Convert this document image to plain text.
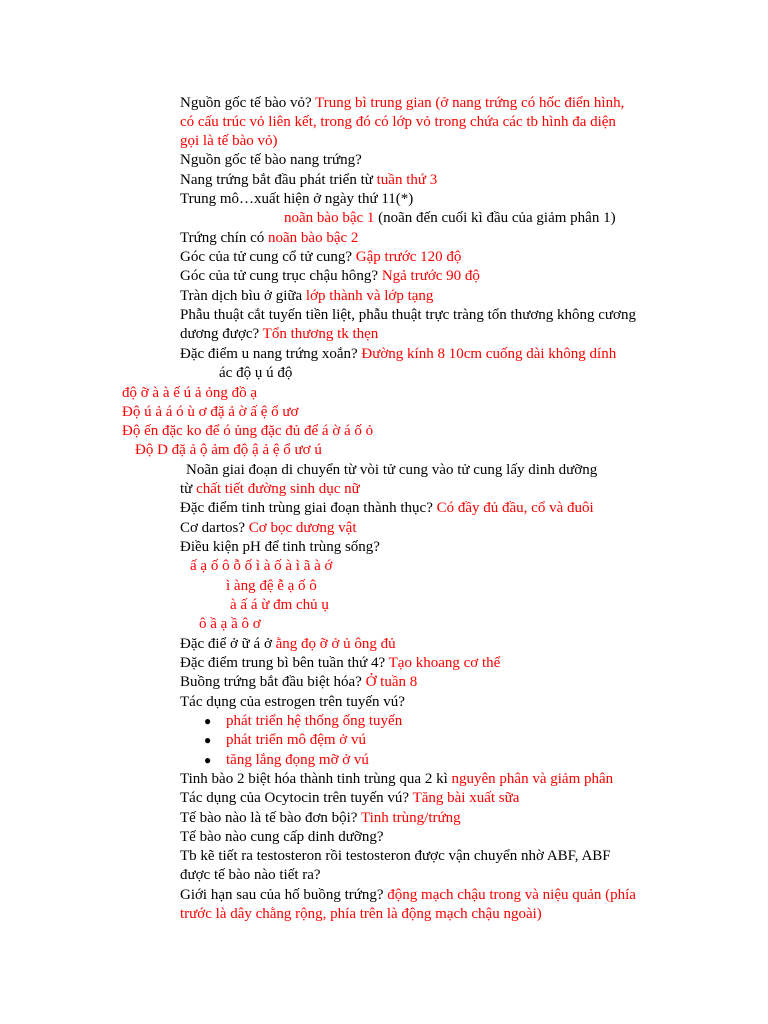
Nguồn gốc tế bào vỏ? Trung bì trung gian (ở nang trứng có hốc điển hình,
có cấu trúc vỏ liên kết, trong đó có lớp vỏ trong chứa các tb hình đa diện
gọi là tế bào vỏ)
Nguồn gốc tế bào nang trứng?
Nang trứng bắt đầu phát triển từ tuần thứ 3
Trung mô…xuất hiện ở ngày thứ 11(*)
noãn bào bậc 1 (noãn đến cuối kì đầu của giảm phân 1)
Trứng chín có noãn bào bậc 2
Góc của tử cung cổ tử cung? Gập trước 120 độ
Góc của tử cung trục chậu hông? Ngả trước 90 độ
Tràn dịch bìu ở giữa lớp thành và lớp tạng
Phẫu thuật cắt tuyến tiền liệt, phẫu thuật trực tràng tổn thương không cương
dương được? Tổn thương tk thẹn
Đặc điểm u nang trứng xoắn? Đường kính 8 10cm cuống dài không dính
ác độ ụ ú độ
độ ỡ à à ế ú ả ỏng đồ ạ
Độ ú ả á ó ù ơ đặ ả ờ ấ ệ ổ ươ
Độ ến đặc ko để ó ủng đặc đủ để á ờ á ố ỏ
Độ D đặ ả ộ ảm độ ậ ả ệ ổ ươ ú
Noãn giai đoạn di chuyển từ vòi tử cung vào tử cung lấy dinh dưỡng
từ chất tiết đường sinh dục nữ
Đặc điểm tinh trùng giai đoạn thành thục? Có đầy đủ đầu, cổ và đuôi
Cơ dartos? Cơ bọc dương vật
Điều kiện pH để tinh trùng sống?
ấ ạ ố ô ỗ ố ì à ố à ì ã à ớ
ì àng đệ ễ ạ ố ô
à ấ á ừ đm chủ ụ
ô ầ ạ ầ ô ơ
Đặc điể ở ữ á ở ằng đọ ỡ ở ủ ông đủ
Đặc điểm trung bì bên tuần thứ 4? Tạo khoang cơ thể
Buồng trứng bắt đầu biệt hóa? Ở tuần 8
Tác dụng của estrogen trên tuyến vú?
● phát triển hệ thống ống tuyến
● phát triển mô đệm ở vú
● tăng lắng đọng mỡ ở vú
Tinh bào 2 biệt hóa thành tinh trùng qua 2 kì nguyên phân và giảm phân
Tác dụng của Ocytocin trên tuyến vú? Tăng bài xuất sữa
Tế bào nào là tế bào đơn bội? Tinh trùng/trứng
Tế bào nào cung cấp dinh dưỡng?
Tb kẽ tiết ra testosteron rồi testosteron được vận chuyển nhờ ABF, ABF
được tế bào nào tiết ra?
Giới hạn sau của hố buồng trứng? động mạch chậu trong và niệu quản (phía
trước là dây chằng rộng, phía trên là động mạch chậu ngoài)
